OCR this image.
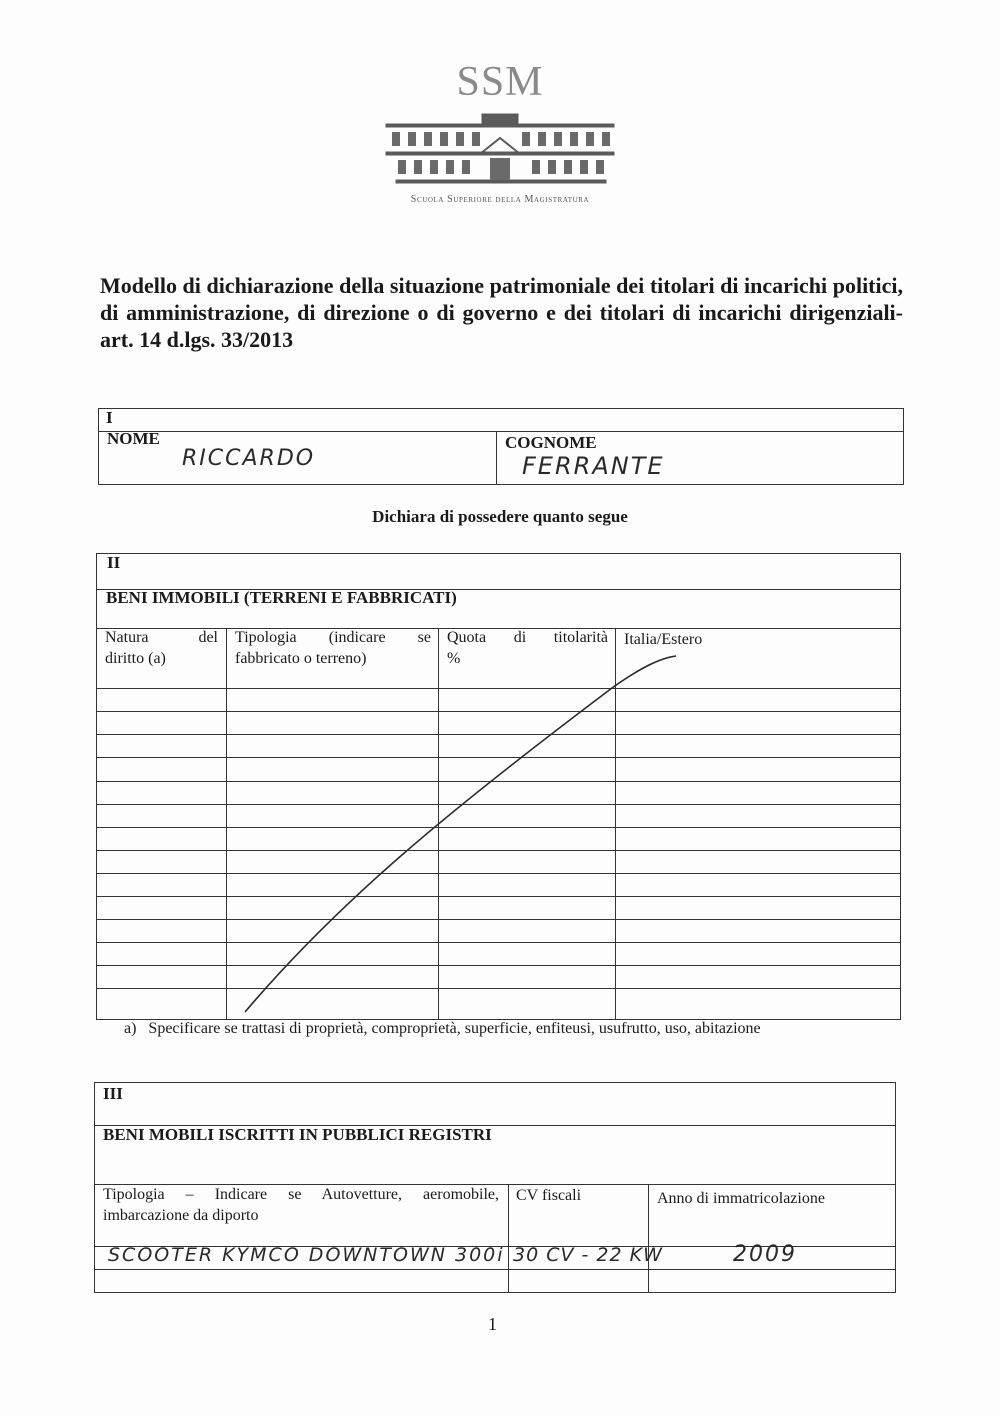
SSM
Scuola Superiore della Magistratura
Modello di dichiarazione della situazione patrimoniale dei titolari di incarichi politici, di amministrazione, di direzione o di governo e dei titolari di incarichi dirigenziali- art. 14 d.lgs. 33/2013
I
NOME
RICCARDO
COGNOME
FERRANTE
Dichiara di possedere quanto segue
II
BENI IMMOBILI (TERRENI E FABBRICATI)
Natura del
diritto (a)
Tipologia (indicare se
fabbricato o terreno)
Quota di titolarità
%
Italia/Estero
a)   Specificare se trattasi di proprietà, comproprietà, superficie, enfiteusi, usufrutto, uso, abitazione
III
BENI MOBILI ISCRITTI IN PUBBLICI REGISTRI
Tipologia – Indicare se Autovetture, aeromobile,
imbarcazione da diporto
CV fiscali	Anno di immatricolazione
SCOOTER KYMCO DOWNTOWN 300i 30 CV - 22 KW	2009
1
